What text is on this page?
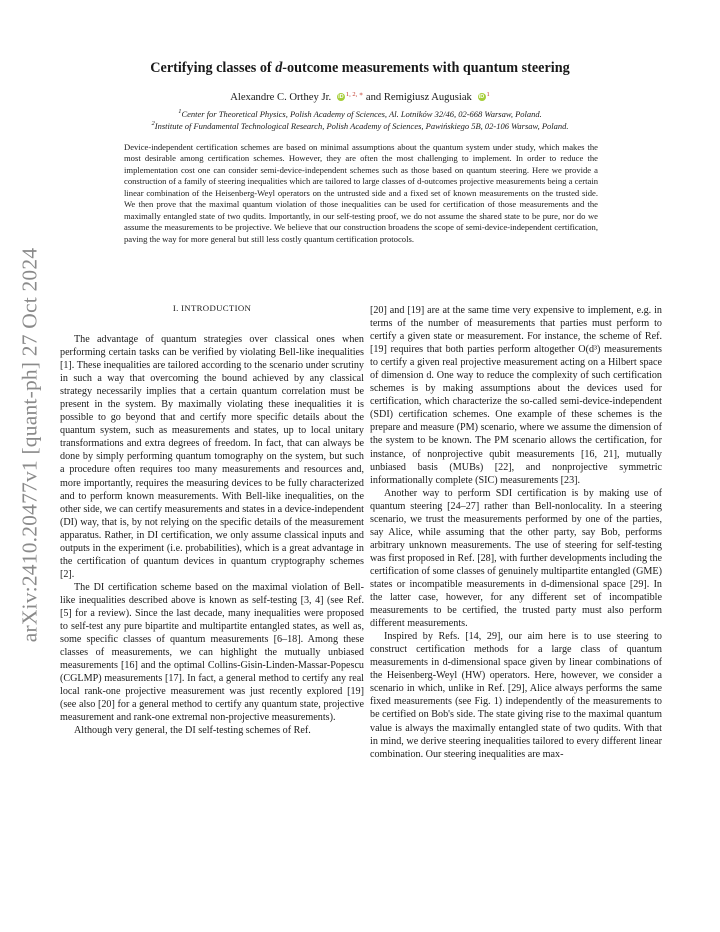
arXiv:2410.20477v1 [quant-ph] 27 Oct 2024
Certifying classes of d-outcome measurements with quantum steering
Alexandre C. Orthey Jr. iD $^{1, 2, ∗}$ and Remigiusz Augusiak iD $^1$
$^1$Center for Theoretical Physics, Polish Academy of Sciences, Al. Lotników 32/46, 02-668 Warsaw, Poland.
$^2$Institute of Fundamental Technological Research, Polish Academy of Sciences, Pawińskiego 5B, 02-106 Warsaw, Poland.
Device-independent certification schemes are based on minimal assumptions about the quantum system under study, which makes the most desirable among certification schemes. However, they are often the most challenging to implement. In order to reduce the implementation cost one can consider semi-device-independent schemes such as those based on quantum steering. Here we provide a construction of a family of steering inequalities which are tailored to large classes of d-outcomes projective measurements being a certain linear combination of the Heisenberg-Weyl operators on the untrusted side and a fixed set of known measurements on the trusted side. We then prove that the maximal quantum violation of those inequalities can be used for certification of those measurements and the maximally entangled state of two qudits. Importantly, in our self-testing proof, we do not assume the shared state to be pure, nor do we assume the measurements to be projective. We believe that our construction broadens the scope of semi-device-independent certification, paving the way for more general but still less costly quantum certification protocols.
I. INTRODUCTION

The advantage of quantum strategies over classical ones when performing certain tasks can be verified by violating Bell-like inequalities [1]. These inequalities are tailored according to the scenario under scrutiny in such a way that overcoming the bound achieved by any classical strategy necessarily implies that a certain quantum correlation must be present in the system. By maximally violating these inequalities it is possible to go beyond that and certify more specific details about the quantum system, such as measurements and states, up to local unitary transformations and extra degrees of freedom. In fact, that can always be done by simply performing quantum tomography on the system, but such a procedure often requires too many measurements and resources and, more importantly, requires the measuring devices to be fully characterized and to perform known measurements. With Bell-like inequalities, on the other side, we can certify measurements and states in a device-independent (DI) way, that is, by not relying on the specific details of the measurement apparatus. Rather, in DI certification, we only assume classical inputs and outputs in the experiment (i.e. probabilities), which is a great advantage in the certification of quantum devices in quantum cryptography schemes [2].

The DI certification scheme based on the maximal violation of Bell-like inequalities described above is known as self-testing [3, 4] (see Ref. [5] for a review). Since the last decade, many inequalities were proposed to self-test any pure bipartite and multipartite entangled states, as well as, some specific classes of quantum measurements [6–18]. Among these classes of measurements, we can highlight the mutually unbiased measurements [16] and the optimal Collins-Gisin-Linden-Massar-Popescu (CGLMP) measurements [17]. In fact, a general method to certify any real local rank-one projective measurement was just recently explored [19] (see also [20] for a general method to certify any quantum state, projective measurement and rank-one extremal non-projective measurements).

Although very general, the DI self-testing schemes of Ref.

[20] and [19] are at the same time very expensive to implement, e.g. in terms of the number of measurements that parties must perform to certify a given state or measurement. For instance, the scheme of Ref. [19] requires that both parties perform altogether O(d³) measurements to certify a given real projective measurement acting on a Hilbert space of dimension d. One way to reduce the complexity of such certification schemes is by making assumptions about the devices used for certification, which characterize the so-called semi-device-independent (SDI) certification schemes. One example of these schemes is the prepare and measure (PM) scenario, where we assume the dimension of the system to be known. The PM scenario allows the certification, for instance, of nonprojective qubit measurements [16, 21], mutually unbiased basis (MUBs) [22], and nonprojective symmetric informationally complete (SIC) measurements [23].

Another way to perform SDI certification is by making use of quantum steering [24–27] rather than Bell-nonlocality. In a steering scenario, we trust the measurements performed by one of the parties, say Alice, while assuming that the other party, say Bob, performs arbitrary unknown measurements. The use of steering for self-testing was first proposed in Ref. [28], with further developments including the certification of some classes of genuinely multipartite entangled (GME) states or incompatible measurements in d-dimensional space [29]. In the latter case, however, for any different set of incompatible measurements to be certified, the trusted party must also perform different measurements.

Inspired by Refs. [14, 29], our aim here is to use steering to construct certification methods for a large class of quantum measurements in d-dimensional space given by linear combinations of the Heisenberg-Weyl (HW) operators. Here, however, we consider a scenario in which, unlike in Ref. [29], Alice always performs the same fixed measurements (see Fig. 1) independently of the measurements to be certified on Bob's side. The state giving rise to the maximal quantum value is always the maximally entangled state of two qudits. With that in mind, we derive steering inequalities tailored to every different linear combination. Our steering inequalities are max-
